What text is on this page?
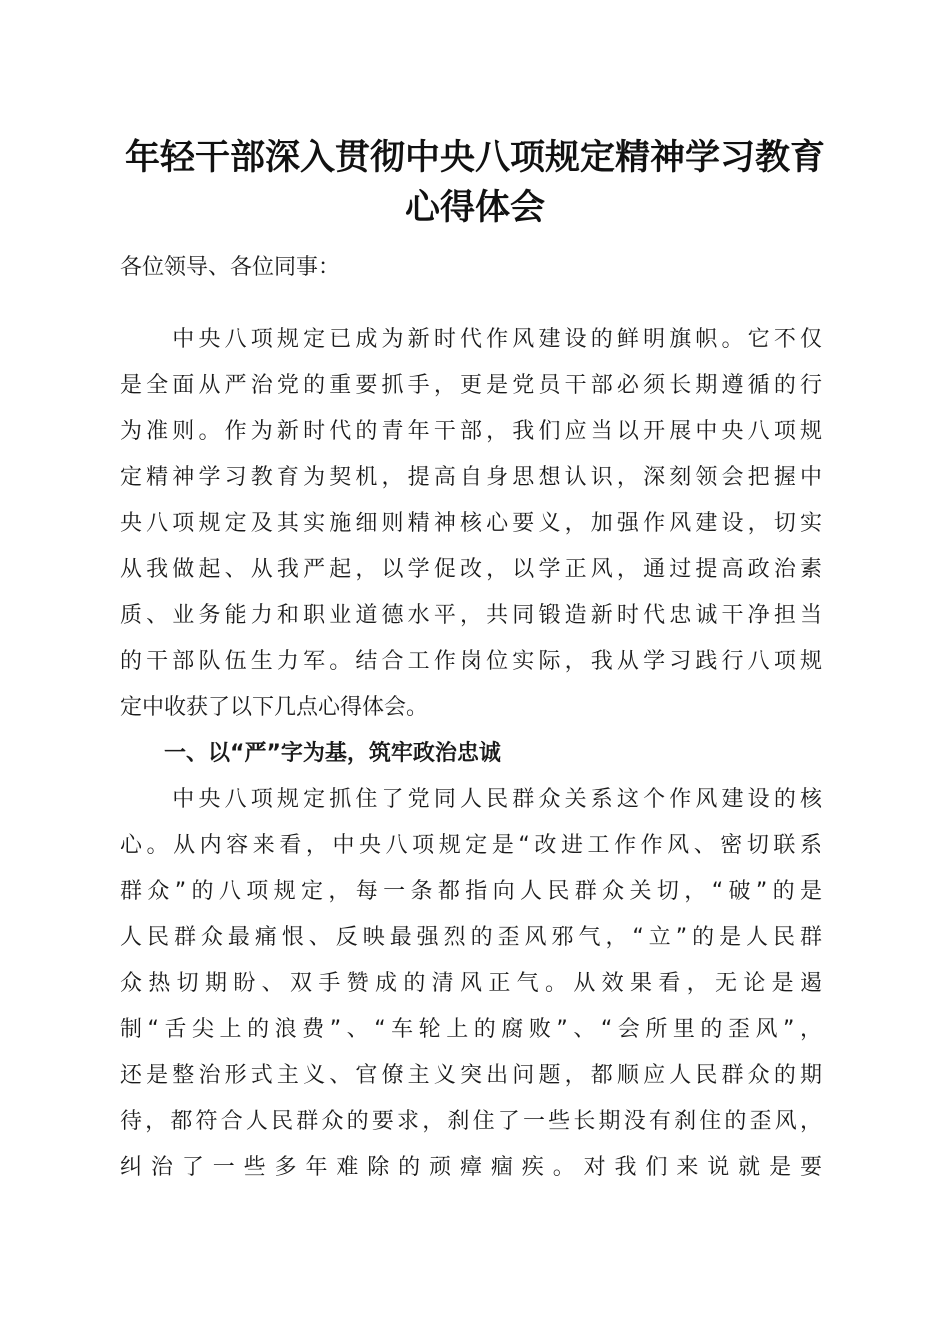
年轻干部深入贯彻中央八项规定精神学习教育
心得体会
各位领导、各位同事：
　　中央八项规定已成为新时代作风建设的鲜明旗帜。它不仅
是全面从严治党的重要抓手，更是党员干部必须长期遵循的行
为准则。作为新时代的青年干部，我们应当以开展中央八项规
定精神学习教育为契机，提高自身思想认识，深刻领会把握中
央八项规定及其实施细则精神核心要义，加强作风建设，切实
从我做起、从我严起，以学促改，以学正风，通过提高政治素
质、业务能力和职业道德水平，共同锻造新时代忠诚干净担当
的干部队伍生力军。结合工作岗位实际，我从学习践行八项规
定中收获了以下几点心得体会。
　　一、以“严”字为基，筑牢政治忠诚
　　中央八项规定抓住了党同人民群众关系这个作风建设的核
心。从内容来看，中央八项规定是“改进工作作风、密切联系
群众”的八项规定，每一条都指向人民群众关切，“破”的是
人民群众最痛恨、反映最强烈的歪风邪气，“立”的是人民群
众热切期盼、双手赞成的清风正气。从效果看，无论是遏
制“舌尖上的浪费”、“车轮上的腐败”、“会所里的歪风”，
还是整治形式主义、官僚主义突出问题，都顺应人民群众的期
待，都符合人民群众的要求，刹住了一些长期没有刹住的歪风，
纠治了一些多年难除的顽瘴痼疾。对我们来说就是要
